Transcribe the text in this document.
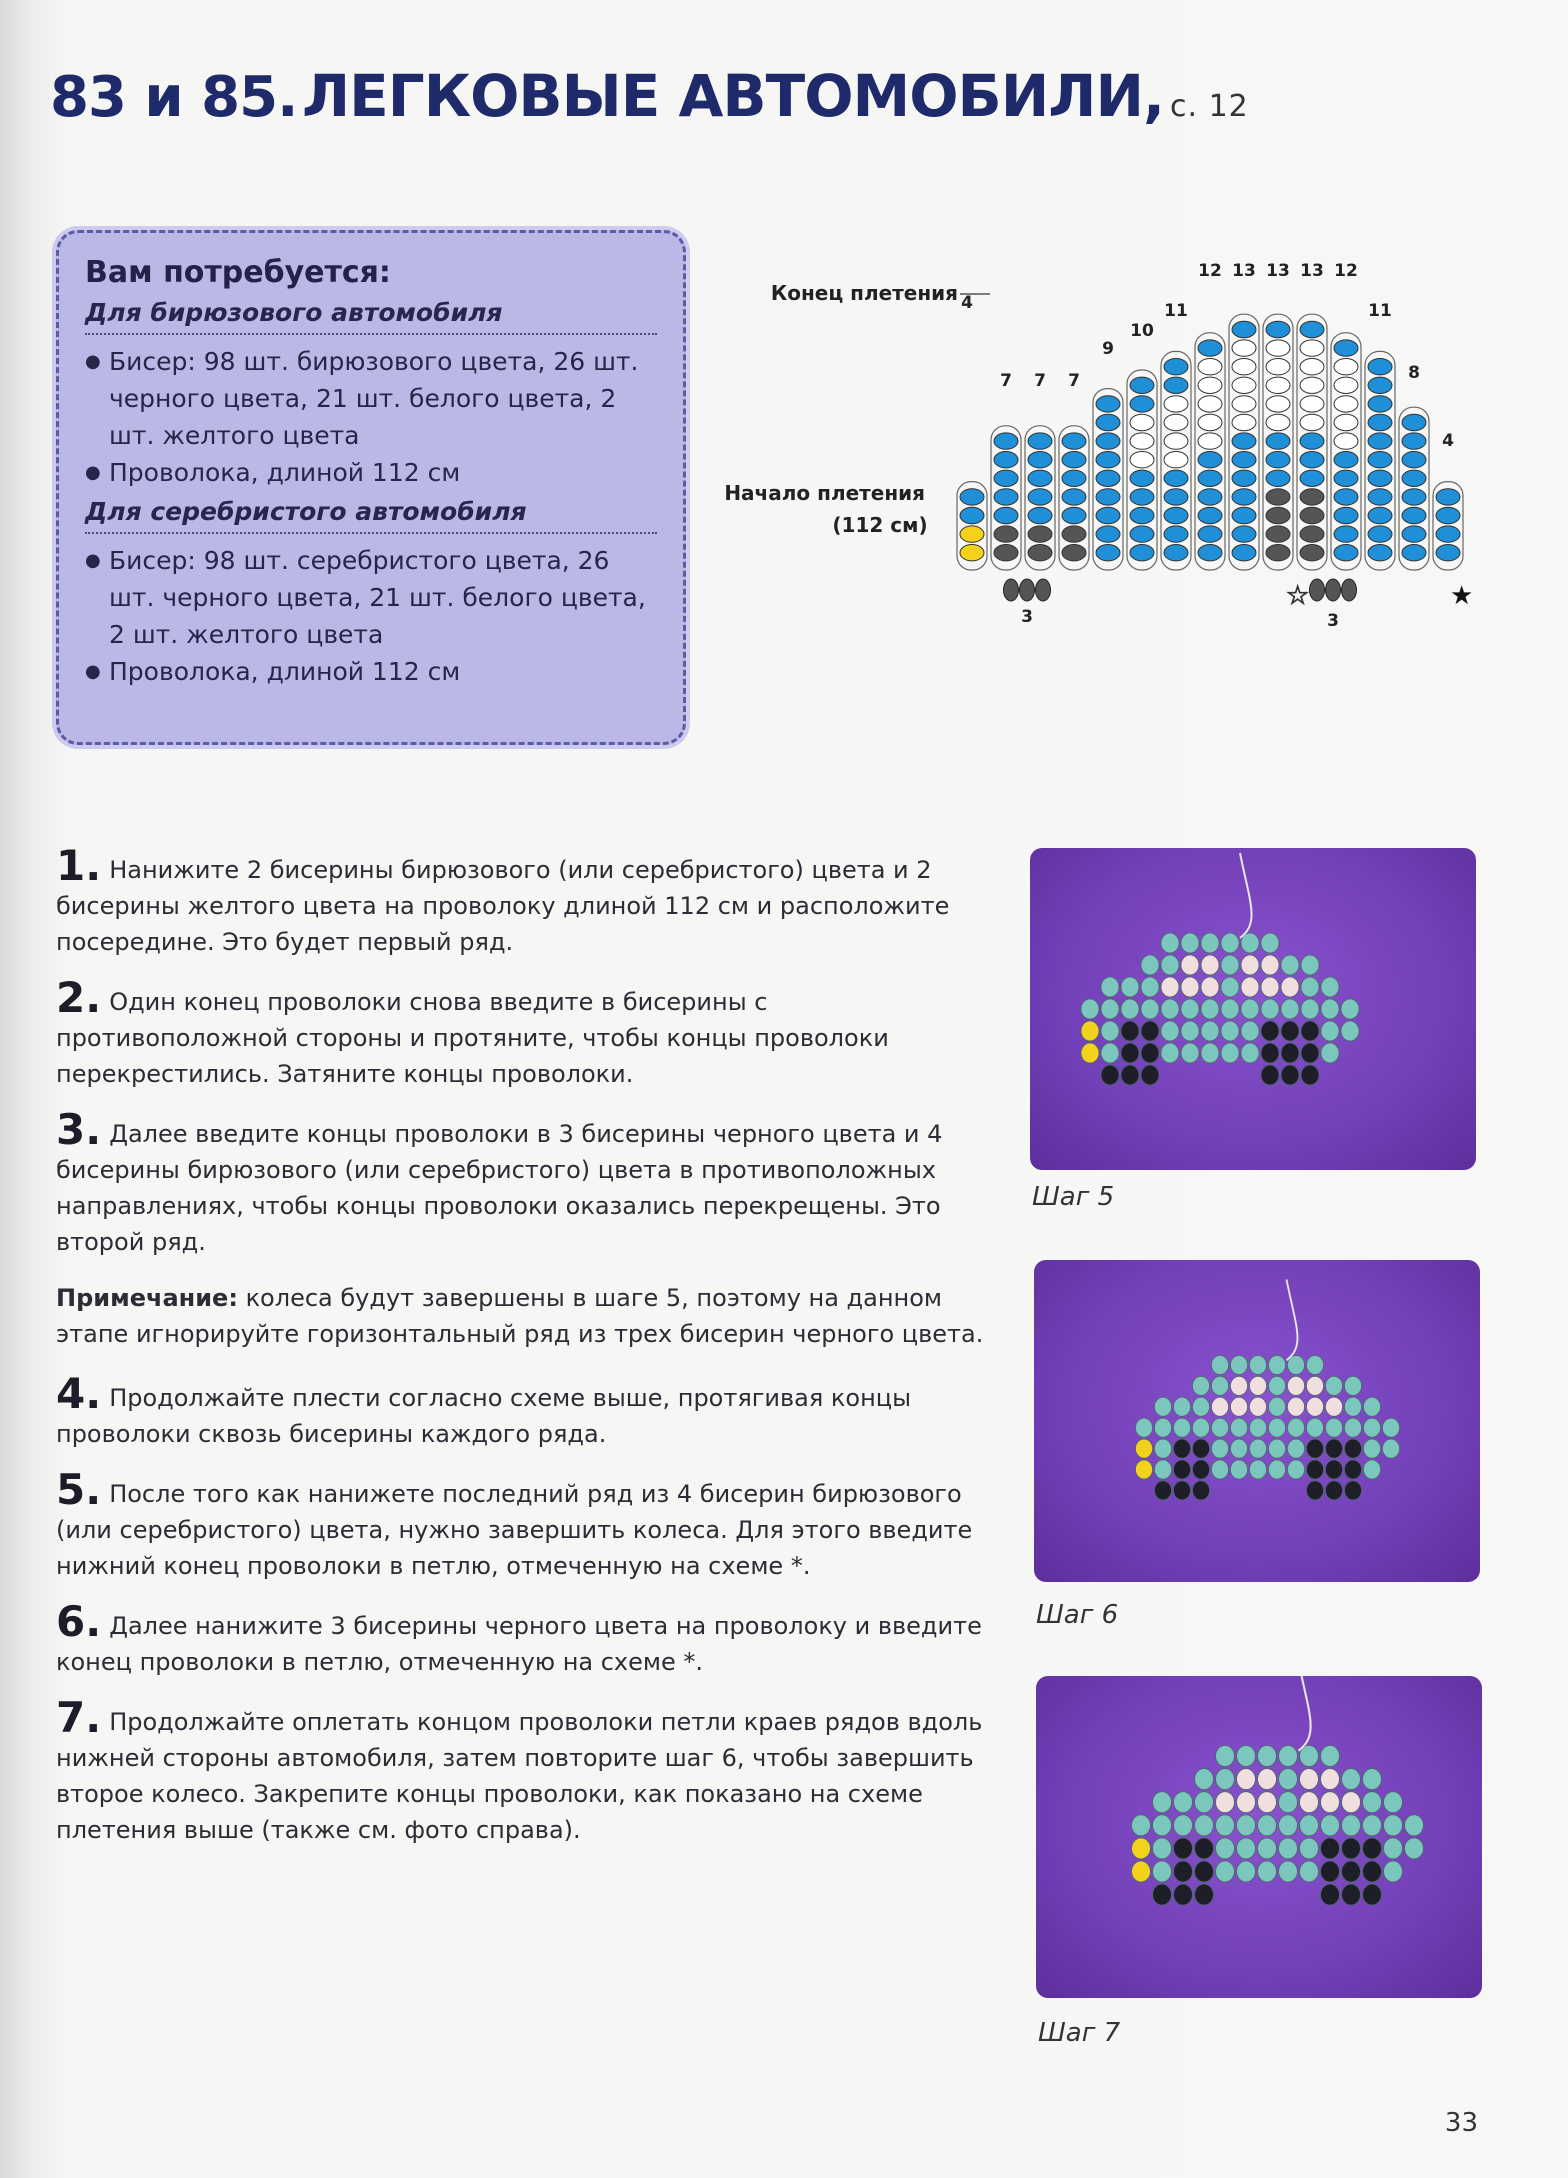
83 и 85. ЛЕГКОВЫЕ АВТОМОБИЛИ, с. 12
Вам потребуется:
Для бирюзового автомобиля
● Бисер: 98 шт. бирюзового цвета, 26 шт. черного цвета, 21 шт. белого цвета, 2 шт. желтого цвета
● Проволока, длиной 112 см
Для серебристого автомобиля
● Бисер: 98 шт. серебристого цвета, 26 шт. черного цвета, 21 шт. белого цвета, 2 шт. желтого цвета
● Проволока, длиной 112 см
Конец плетения
Начало плетения
(112 см)
☆	★
12 13 13 13 12
4
7 7 7
9
10
11	11
8
4
3	3
1. Нанижите 2 бисерины бирюзового (или серебристого) цвета и 2 бисерины желтого цвета на проволоку длиной 112 см и расположите посередине. Это будет первый ряд.
2. Один конец проволоки снова введите в бисерины с противоположной стороны и протяните, чтобы концы проволоки перекрестились. Затяните концы проволоки.
3. Далее введите концы проволоки в 3 бисерины черного цвета и 4 бисерины бирюзового (или серебристого) цвета в противоположных направлениях, чтобы концы проволоки оказались перекрещены. Это второй ряд.
Примечание: колеса будут завершены в шаге 5, поэтому на данном этапе игнорируйте горизонтальный ряд из трех бисерин черного цвета.
4. Продолжайте плести согласно схеме выше, протягивая концы проволоки сквозь бисерины каждого ряда.
5. После того как нанижете последний ряд из 4 бисерин бирюзового (или серебристого) цвета, нужно завершить колеса. Для этого введите нижний конец проволоки в петлю, отмеченную на схеме *.
6. Далее нанижите 3 бисерины черного цвета на проволоку и введите конец проволоки в петлю, отмеченную на схеме *.
7. Продолжайте оплетать концом проволоки петли краев рядов вдоль нижней стороны автомобиля, затем повторите шаг 6, чтобы завершить второе колесо. Закрепите концы проволоки, как показано на схеме плетения выше (также см. фото справа).
Шаг 5
Шаг 6
Шаг 7
33
